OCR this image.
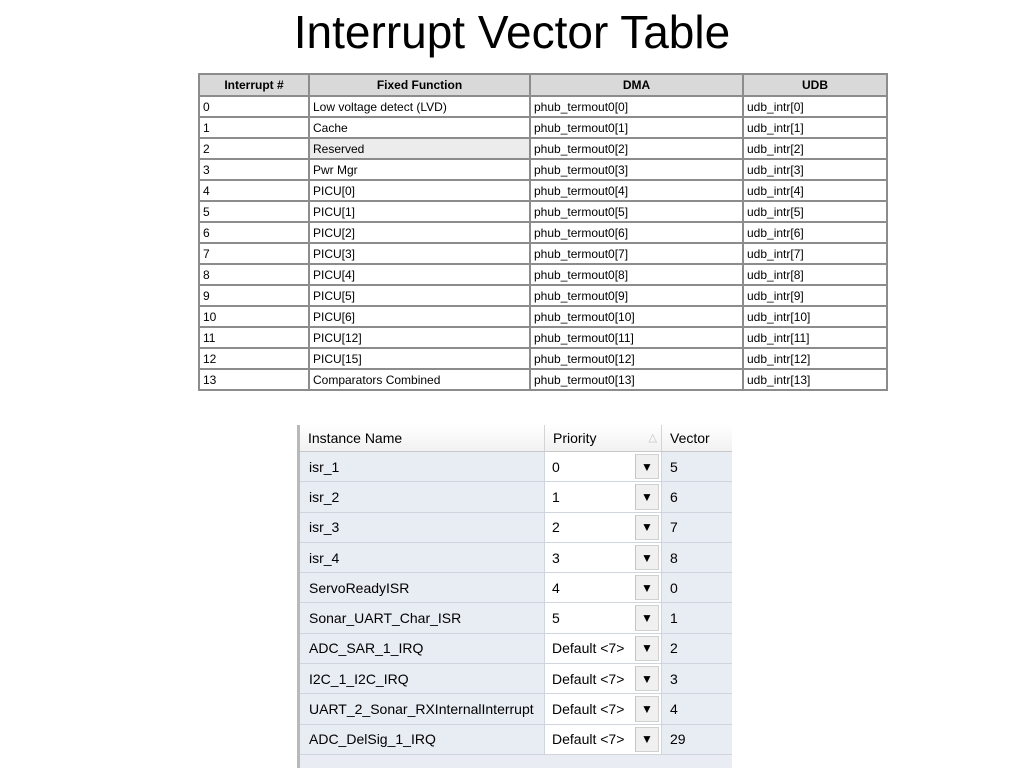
Interrupt Vector Table
Interrupt #	Fixed Function	DMA	UDB
0	Low voltage detect (LVD)	phub_termout0[0]	udb_intr[0]
1	Cache	phub_termout0[1]	udb_intr[1]
2	Reserved	phub_termout0[2]	udb_intr[2]
3	Pwr Mgr	phub_termout0[3]	udb_intr[3]
4	PICU[0]	phub_termout0[4]	udb_intr[4]
5	PICU[1]	phub_termout0[5]	udb_intr[5]
6	PICU[2]	phub_termout0[6]	udb_intr[6]
7	PICU[3]	phub_termout0[7]	udb_intr[7]
8	PICU[4]	phub_termout0[8]	udb_intr[8]
9	PICU[5]	phub_termout0[9]	udb_intr[9]
10	PICU[6]	phub_termout0[10]	udb_intr[10]
11	PICU[12]	phub_termout0[11]	udb_intr[11]
12	PICU[15]	phub_termout0[12]	udb_intr[12]
13	Comparators Combined	phub_termout0[13]	udb_intr[13]
Instance Name	Priority	△ Vector
isr_1	0	▼	5
isr_2	1	▼	6
isr_3	2	▼	7
isr_4	3	▼	8
ServoReadyISR	4	▼	0
Sonar_UART_Char_ISR	5	▼	1
ADC_SAR_1_IRQ	Default <7>	▼	2
I2C_1_I2C_IRQ	Default <7>	▼	3
UART_2_Sonar_RXInternalInterrupt	Default <7>	▼	4
ADC_DelSig_1_IRQ	Default <7>	▼	29
